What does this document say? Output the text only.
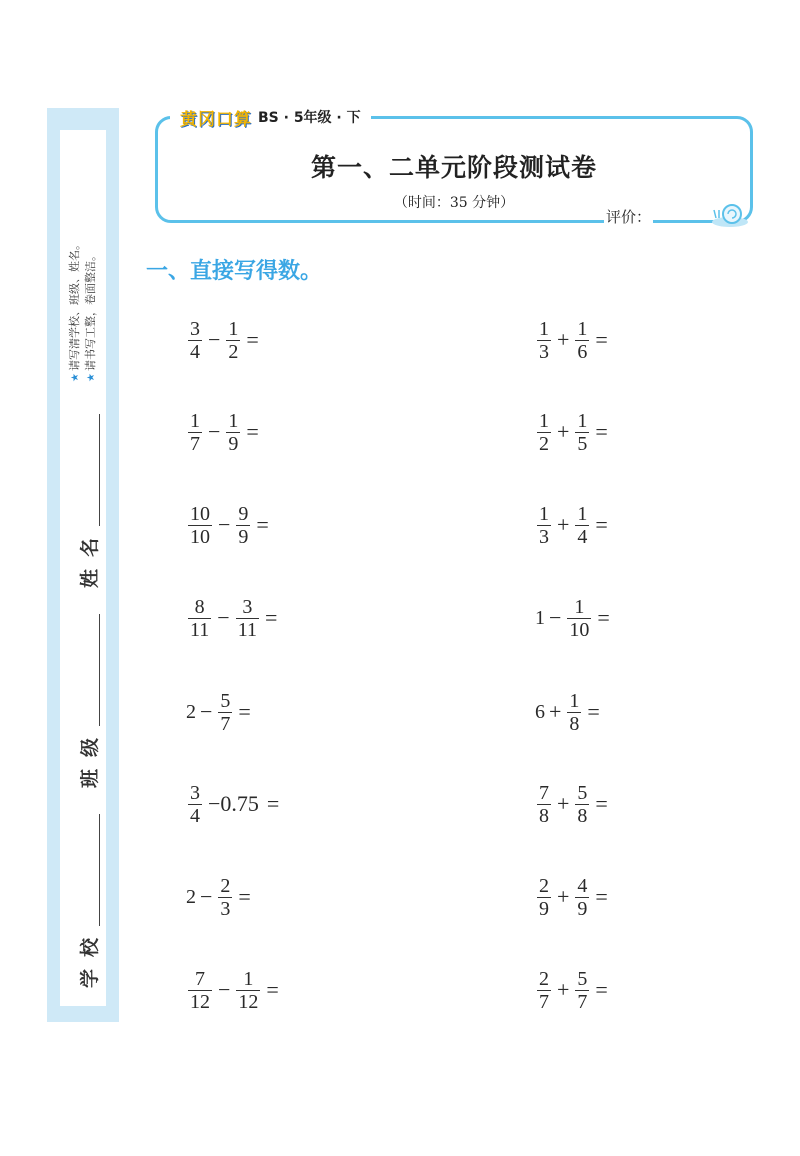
学校
班级
姓名
★请写清学校、班级、姓名。
★请书写工整，卷面整洁。
黄冈口算 BS · 5年级 · 下
第一、二单元阶段测试卷
（时间：35 分钟）
评价：
一、直接写得数。
$\frac{3}{4} - \frac{1}{2}$ =	$\frac{1}{3} + \frac{1}{6}$ =
$\frac{1}{7} - \frac{1}{9}$ =	$\frac{1}{2} + \frac{1}{5}$ =
$\frac{10}{10} - \frac{9}{9}$ =	$\frac{1}{3} + \frac{1}{4}$ =
$\frac{8}{11} - \frac{3}{11}$ =	$1 - \frac{1}{10}$ =
$2 - \frac{5}{7}$ =	$6 + \frac{1}{8}$ =
$\frac{3}{4} -0.75$ =	$\frac{7}{8} + \frac{5}{8}$ =
$2 - \frac{2}{3}$ =	$\frac{2}{9} + \frac{4}{9}$ =
$\frac{7}{12} - \frac{1}{12}$ =	$\frac{2}{7} + \frac{5}{7}$ =
